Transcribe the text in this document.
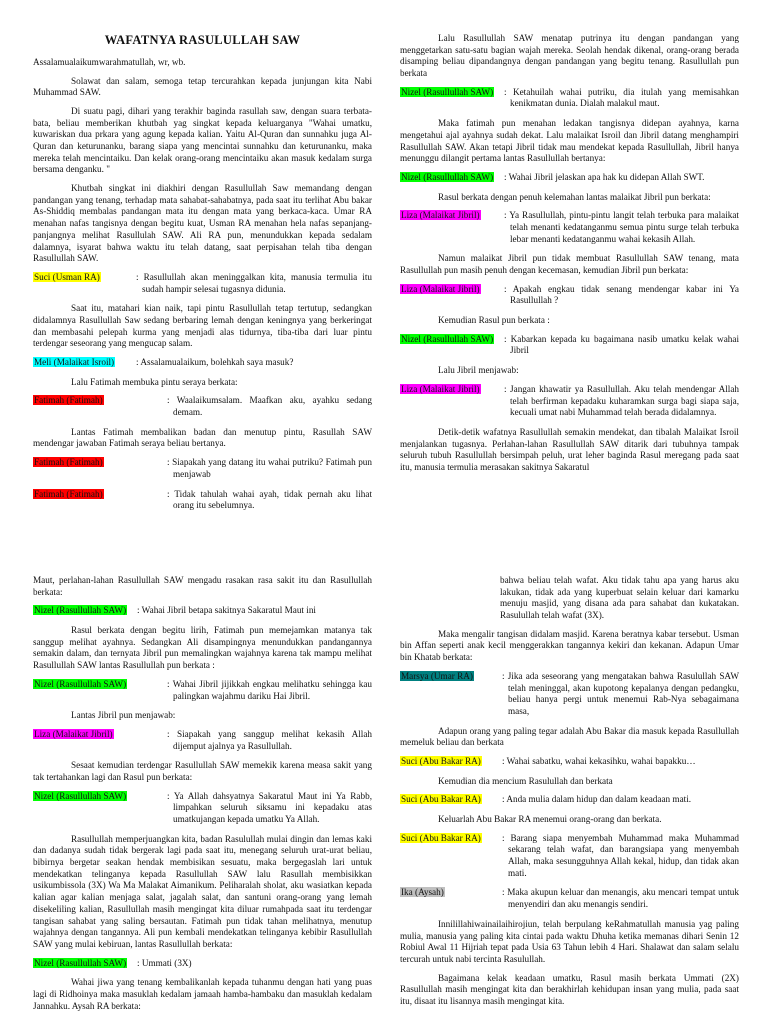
WAFATNYA RASULULLAH SAW

Assalamualaikumwarahmatullah, wr, wb.

Solawat dan salam, semoga tetap tercurahkan kepada junjungan kita Nabi Muhammad SAW.

Di suatu pagi, dihari yang terakhir baginda rasullah saw, dengan suara terbata-bata, beliau memberikan khutbah yag singkat kepada keluarganya "Wahai umatku, kuwariskan dua prkara yang agung kepada kalian. Yaitu Al-Quran dan sunnahku juga Al-Quran dan keturunanku, barang siapa yang mencintai sunnahku dan keturunanku, maka mereka telah mencintaiku. Dan kelak orang-orang mencintaiku akan masuk kedalam surga bersama denganku. "

Khutbah singkat ini diakhiri dengan Rasullullah Saw memandang dengan pandangan yang tenang, terhadap mata sahabat-sahabatnya, pada saat itu terlihat Abu bakar As-Shiddiq membalas pandangan mata itu dengan mata yang berkaca-kaca. Umar RA menahan nafas tangisnya dengan begitu kuat, Usman RA menahan hela nafas sepanjang-panjangnya melihat Rasullulah SAW. Ali RA pun, menundukkan kepada sedalam dalamnya, isyarat bahwa waktu itu telah datang, saat perpisahan telah tiba dengan Rasullullah SAW.

Suci (Usman RA)	: Rasullullah akan meninggalkan kita, manusia termulia itu sudah hampir selesai tugasnya didunia.

Saat itu, matahari kian naik, tapi pintu Rasullullah tetap tertutup, sedangkan didalamnya Rasullullah Saw sedang berbaring lemah dengan keningnya yang berkeringat dan membasahi pelepah kurma yang menjadi alas tidurnya, tiba-tiba dari luar pintu terdengar seseorang yang mengucap salam.

Meli (Malaikat Isroil)	: Assalamualaikum, bolehkah saya masuk?

Lalu Fatimah membuka pintu seraya berkata:

Fatimah (Fatimah)	: Waalaikumsalam. Maafkan aku, ayahku sedang demam.

Lantas Fatimah membalikan badan dan menutup pintu, Rasullah SAW mendengar jawaban Fatimah seraya beliau bertanya.

Fatimah (Fatimah)	: Siapakah yang datang itu wahai putriku? Fatimah pun menjawab
Fatimah (Fatimah)	: Tidak tahulah wahai ayah, tidak pernah aku lihat orang itu sebelumnya.

Lalu Rasullullah SAW menatap putrinya itu dengan pandangan yang menggetarkan satu-satu bagian wajah mereka. Seolah hendak dikenal, orang-orang berada disamping beliau dipandangnya dengan pandangan yang begitu tenang. Rasullullah pun berkata

Nizel (Rasullullah SAW)	: Ketahuilah wahai putriku, dia itulah yang memisahkan kenikmatan dunia. Dialah malakul maut.

Maka fatimah pun menahan ledakan tangisnya didepan ayahnya, karna mengetahui ajal ayahnya sudah dekat. Lalu malaikat Isroil dan Jibril datang menghampiri Rasullullah SAW. Akan tetapi Jibril tidak mau mendekat kepada Rasullullah, Jibril hanya menunggu dilangit pertama lantas Rasullullah bertanya:

Nizel (Rasullullah SAW)	: Wahai Jibril jelaskan apa hak ku didepan Allah SWT.

Rasul berkata dengan penuh kelemahan lantas malaikat Jibril pun berkata:

Liza (Malaikat Jibril)	: Ya Rasullullah, pintu-pintu langit telah terbuka para malaikat telah menanti kedatanganmu semua pintu surge telah terbuka lebar menanti kedatanganmu wahai kekasih Allah.

Namun malaikat Jibril pun tidak membuat Rasullullah SAW tenang, mata Rasullullah pun masih penuh dengan kecemasan, kemudian Jibril pun berkata:

Liza (Malaikat Jibril)	: Apakah engkau tidak senang mendengar kabar ini Ya Rasullullah ?

Kemudian Rasul pun berkata :

Nizel (Rasullullah SAW)	: Kabarkan kepada ku bagaimana nasib umatku kelak wahai Jibril

Lalu Jibril menjawab:

Liza (Malaikat Jibril)	: Jangan khawatir ya Rasullullah. Aku telah mendengar Allah telah berfirman kepadaku kuharamkan surga bagi siapa saja, kecuali umat nabi Muhammad telah berada didalamnya.

Detik-detik wafatnya Rasullullah semakin mendekat, dan tibalah Malaikat Isroil menjalankan tugasnya. Perlahan-lahan Rasullullah SAW ditarik dari tubuhnya tampak seluruh tubuh Rasullullah bersimpah peluh, urat leher baginda Rasul meregang pada saat itu, manusia termulia merasakan sakitnya Sakaratul

Maut, perlahan-lahan Rasullullah SAW mengadu rasakan rasa sakit itu dan Rasullullah berkata:

Nizel (Rasullullah SAW)	: Wahai Jibril betapa sakitnya Sakaratul Maut ini

Rasul berkata dengan begitu lirih, Fatimah pun memejamkan matanya tak sanggup melihat ayahnya. Sedangkan Ali disampingnya menundukkan pandangannya semakin dalam, dan ternyata Jibril pun memalingkan wajahnya karena tak mampu melihat Rasullullah SAW lantas Rasullullah pun berkata :

Nizel (Rasullullah SAW)	: Wahai Jibril jijikkah engkau melihatku sehingga kau palingkan wajahmu dariku Hai Jibril.

Lantas Jibril pun menjawab:

Liza (Malaikat Jibril)	: Siapakah yang sanggup melihat kekasih Allah dijemput ajalnya ya Rasullullah.

Sesaat kemudian terdengar Rasullullah SAW memekik karena measa sakit yang tak tertahankan lagi dan Rasul pun berkata:

Nizel (Rasullullah SAW)	: Ya Allah dahsyatnya Sakaratul Maut ini Ya Rabb, limpahkan seluruh siksamu ini kepadaku atas umatkujangan kepada umatku Ya Allah.

Rasullullah memperjuangkan kita, badan Rasulullah mulai dingin dan lemas kaki dan dadanya sudah tidak bergerak lagi pada saat itu, menegang seluruh urat-urat beliau, bibirnya bergetar seakan hendak membisikan sesuatu, maka bergegaslah lari untuk mendekatkan telinganya kepada Rasullullah SAW lalu Rasullah membisikkan usikumbissola (3X) Wa Ma Malakat Aimanikum. Peliharalah sholat, aku wasiatkan kepada kalian agar kalian menjaga salat, jagalah salat, dan santuni orang-orang yang lemah disekeliling kalian, Rasullullah masih mengingat kita diluar rumahpada saat itu terdengar tangisan sahabat yang saling bersautan. Fatimah pun tidak tahan melihatnya, menutup wajahnya dengan tangannya. Ali pun kembali mendekatkan telinganya kebibir Rasullullah SAW yang mulai kebiruan, lantas Rasullullah berkata:

Nizel (Rasullullah SAW)	: Ummati (3X)

Wahai jiwa yang tenang kembalikanlah kepada tuhanmu dengan hati yang puas lagi di Ridhoinya maka masuklah kedalam jamaah hamba-hambaku dan masuklah kedalam Jannahku. Aysah RA berkata:

bahwa beliau telah wafat. Aku tidak tahu apa yang harus aku lakukan, tidak ada yang kuperbuat selain keluar dari kamarku menuju masjid, yang disana ada para sahabat dan kukatakan. Rasulullah telah wafat (3X).

Maka mengalir tangisan didalam masjid. Karena beratnya kabar tersebut. Usman bin Affan seperti anak kecil menggerakkan tangannya kekiri dan kekanan. Adapun Umar bin Khatab berkata:

Marsya (Umar RA)	: Jika ada seseorang yang mengatakan bahwa Rasulullah SAW telah meninggal, akan kupotong kepalanya dengan pedangku, beliau hanya pergi untuk menemui Rab-Nya sebagaimana masa,

Adapun orang yang paling tegar adalah Abu Bakar dia masuk kepada Rasullullah memeluk beliau dan berkata

Suci (Abu Bakar RA)	: Wahai sabatku, wahai kekasihku, wahai bapakku…

Kemudian dia mencium Rasulullah dan berkata

Suci (Abu Bakar RA)	: Anda mulia dalam hidup dan dalam keadaan mati.

Keluarlah Abu Bakar RA menemui orang-orang dan berkata.

Suci (Abu Bakar RA)	: Barang siapa menyembah Muhammad maka Muhammad sekarang telah wafat, dan barangsiapa yang menyembah Allah, maka sesungguhnya Allah kekal, hidup, dan tidak akan mati.
Ika (Aysah)	: Maka akupun keluar dan menangis, aku mencari tempat untuk menyendiri dan aku menangis sendiri.

Innilillahiwainailaihirojiun, telah berpulang keRahmatullah manusia yag paling mulia, manusia yang paling kita cintai pada waktu Dhuha ketika memanas dihari Senin 12 Robiul Awal 11 Hijriah tepat pada Usia 63 Tahun lebih 4 Hari. Shalawat dan salam selalu tercurah untuk nabi tercinta Rasulullah.

Bagaimana kelak keadaan umatku, Rasul masih berkata Ummati (2X) Rasullullah masih mengingat kita dan berakhirlah kehidupan insan yang mulia, pada saat itu, disaat itu lisannya masih mengingat kita.
